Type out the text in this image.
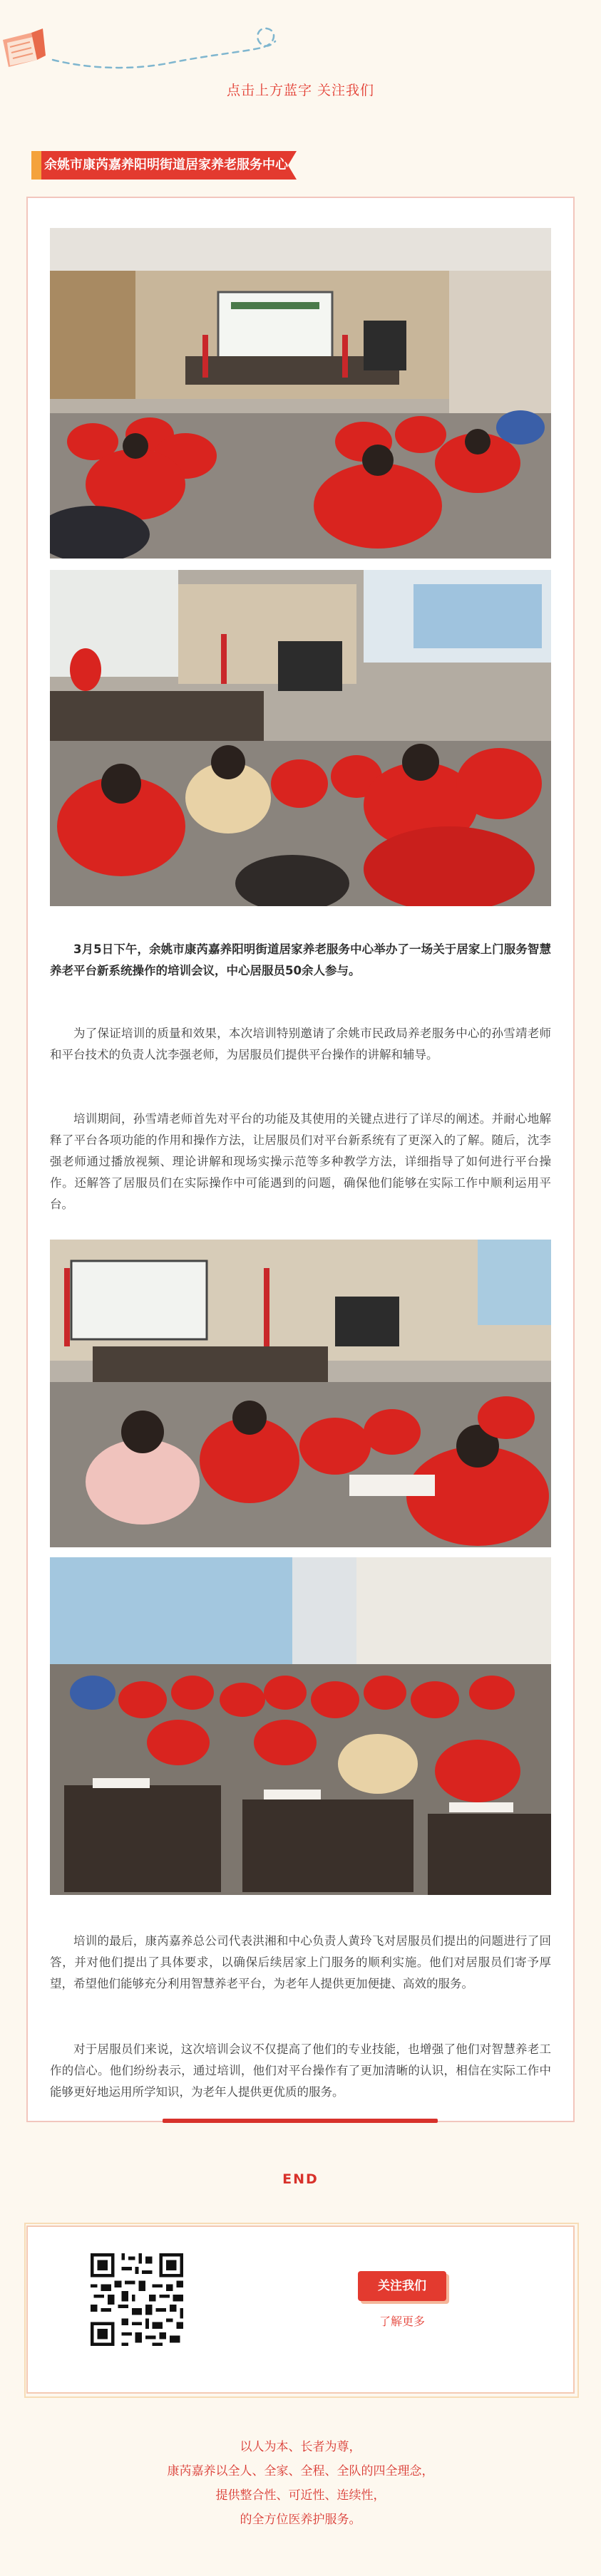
点击上方蓝字 关注我们
余姚市康芮嘉养阳明街道居家养老服务中心

3月5日下午，余姚市康芮嘉养阳明街道居家养老服务中心举办了一场关于居家上门服务智慧养老平台新系统操作的培训会议，中心居服员50余人参与。

为了保证培训的质量和效果，本次培训特别邀请了余姚市民政局养老服务中心的孙雪靖老师和平台技术的负责人沈李强老师，为居服员们提供平台操作的讲解和辅导。

培训期间，孙雪靖老师首先对平台的功能及其使用的关键点进行了详尽的阐述。并耐心地解释了平台各项功能的作用和操作方法，让居服员们对平台新系统有了更深入的了解。随后，沈李强老师通过播放视频、理论讲解和现场实操示范等多种教学方法，详细指导了如何进行平台操作。还解答了居服员们在实际操作中可能遇到的问题，确保他们能够在实际工作中顺利运用平台。

培训的最后，康芮嘉养总公司代表洪湘和中心负责人黄玲飞对居服员们提出的问题进行了回答，并对他们提出了具体要求，以确保后续居家上门服务的顺利实施。他们对居服员们寄予厚望，希望他们能够充分利用智慧养老平台，为老年人提供更加便捷、高效的服务。

对于居服员们来说，这次培训会议不仅提高了他们的专业技能，也增强了他们对智慧养老工作的信心。他们纷纷表示，通过培训，他们对平台操作有了更加清晰的认识，相信在实际工作中能够更好地运用所学知识，为老年人提供更优质的服务。

END
关注我们
了解更多
以人为本、长者为尊，
康芮嘉养以全人、全家、全程、全队的四全理念，
提供整合性、可近性、连续性，
的全方位医养护服务。
